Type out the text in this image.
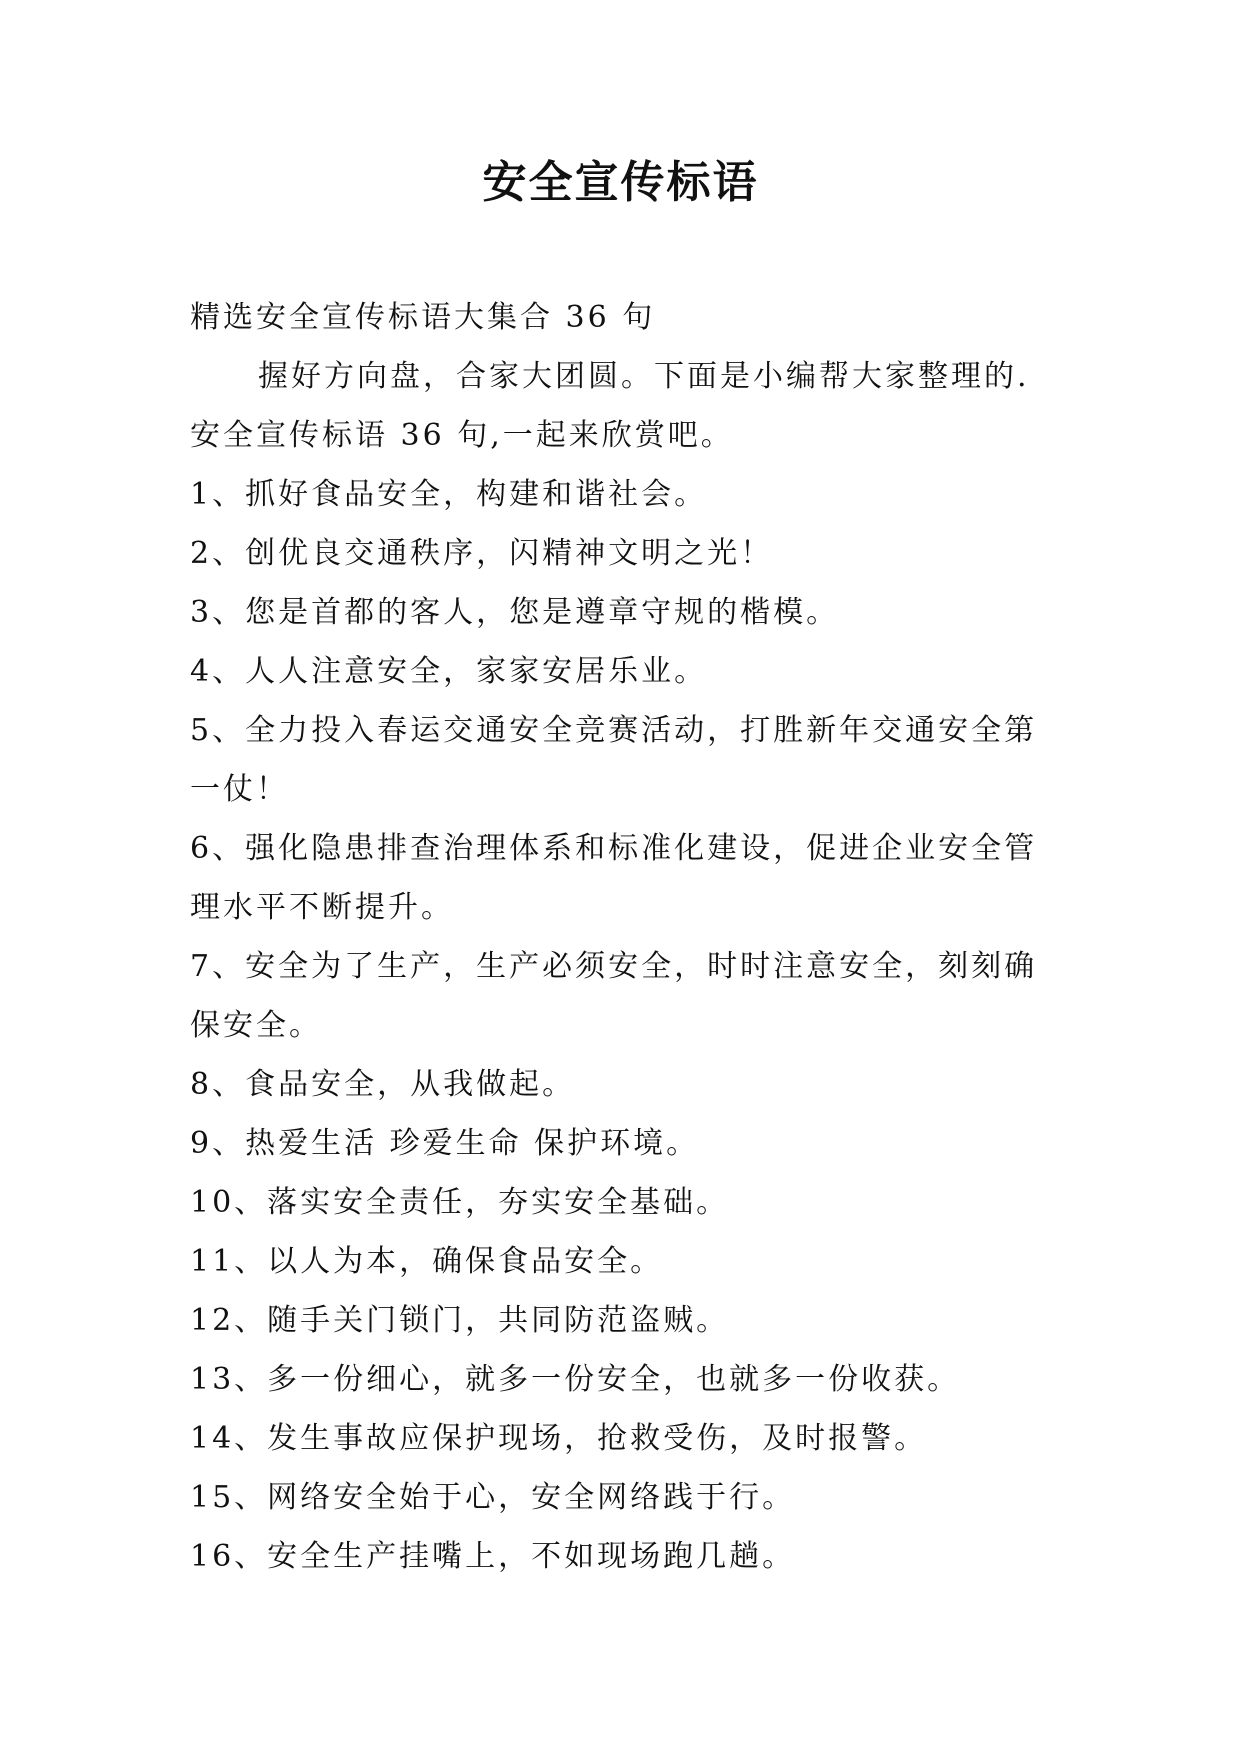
安全宣传标语

精选安全宣传标语大集合 36 句

握好方向盘，合家大团圆。下面是小编帮大家整理的.

安全宣传标语 36 句,一起来欣赏吧。

1、抓好食品安全，构建和谐社会。

2、创优良交通秩序，闪精神文明之光！

3、您是首都的客人，您是遵章守规的楷模。

4、人人注意安全，家家安居乐业。

5、全力投入春运交通安全竞赛活动，打胜新年交通安全第一仗！

6、强化隐患排查治理体系和标准化建设，促进企业安全管理水平不断提升。

7、安全为了生产，生产必须安全，时时注意安全，刻刻确保安全。

8、食品安全，从我做起。

9、热爱生活 珍爱生命 保护环境。

10、落实安全责任，夯实安全基础。

11、以人为本，确保食品安全。

12、随手关门锁门，共同防范盗贼。

13、多一份细心，就多一份安全，也就多一份收获。

14、发生事故应保护现场，抢救受伤，及时报警。

15、网络安全始于心，安全网络践于行。

16、安全生产挂嘴上，不如现场跑几趟。
